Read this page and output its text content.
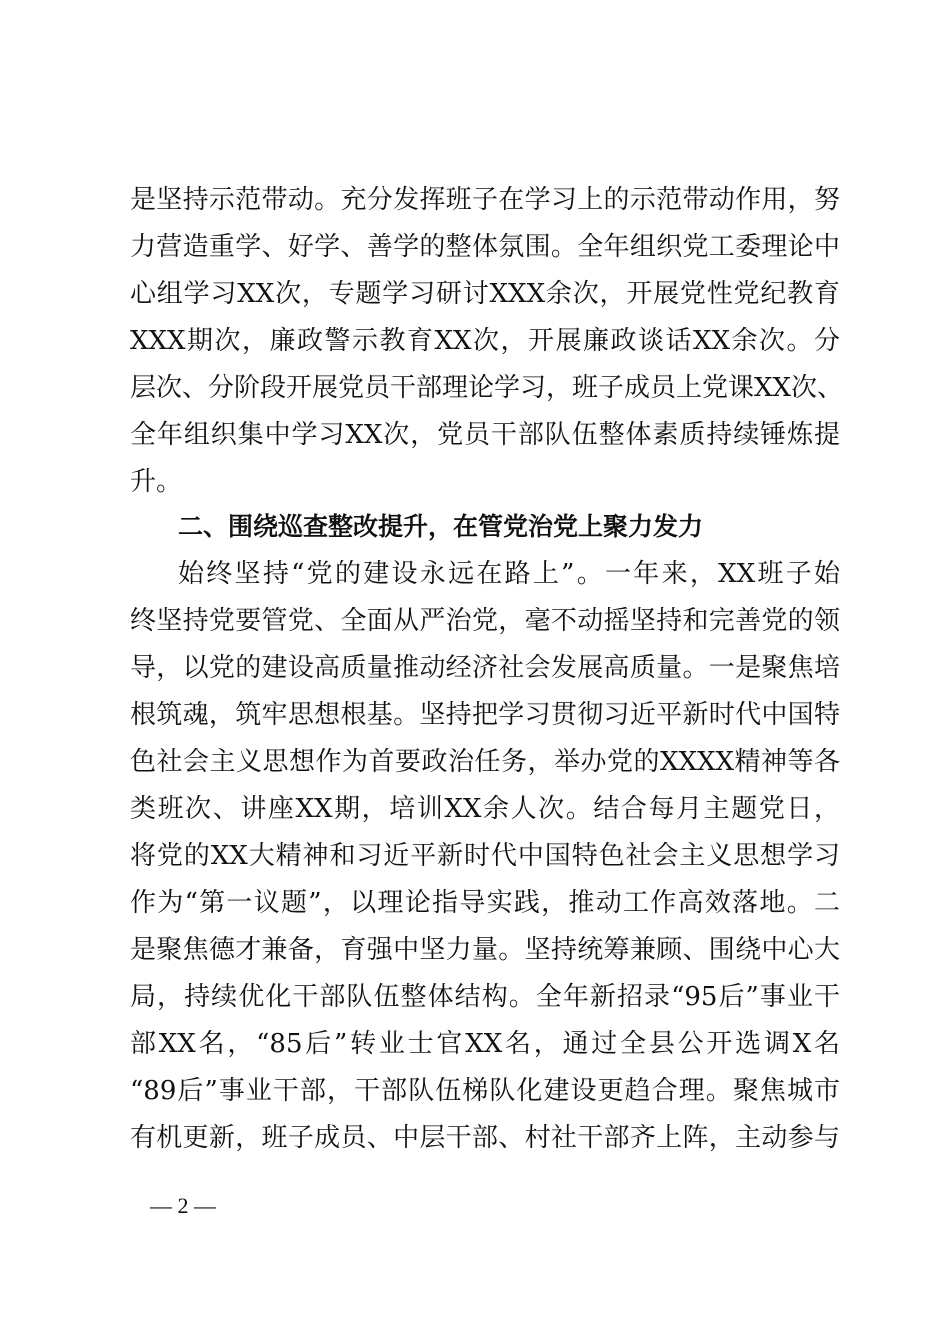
是坚持示范带动。充分发挥班子在学习上的示范带动作用，努
力营造重学、好学、善学的整体氛围。全年组织党工委理论中
心组学习XX次，专题学习研讨XXX余次，开展党性党纪教育
XXX期次，廉政警示教育XX次，开展廉政谈话XX余次。分
层次、分阶段开展党员干部理论学习，班子成员上党课XX次、
全年组织集中学习XX次，党员干部队伍整体素质持续锤炼提
升。
二、围绕巡查整改提升，在管党治党上聚力发力
始终坚持“党的建设永远在路上”。一年来，XX班子始
终坚持党要管党、全面从严治党，毫不动摇坚持和完善党的领
导，以党的建设高质量推动经济社会发展高质量。一是聚焦培
根筑魂，筑牢思想根基。坚持把学习贯彻习近平新时代中国特
色社会主义思想作为首要政治任务，举办党的XXXX精神等各
类班次、讲座XX期，培训XX余人次。结合每月主题党日，
将党的XX大精神和习近平新时代中国特色社会主义思想学习
作为“第一议题”，以理论指导实践，推动工作高效落地。二
是聚焦德才兼备，育强中坚力量。坚持统筹兼顾、围绕中心大
局，持续优化干部队伍整体结构。全年新招录“95后”事业干
部XX名，“85后”转业士官XX名，通过全县公开选调X名
“89后”事业干部，干部队伍梯队化建设更趋合理。聚焦城市
有机更新，班子成员、中层干部、村社干部齐上阵，主动参与
— 2 —
